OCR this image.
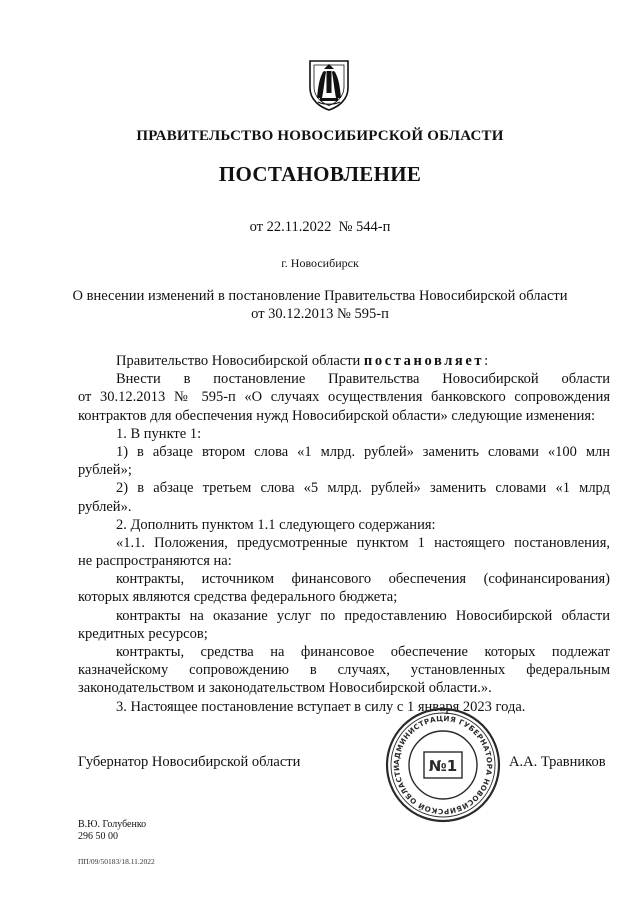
ПРАВИТЕЛЬСТВО НОВОСИБИРСКОЙ ОБЛАСТИ
ПОСТАНОВЛЕНИЕ
от 22.11.2022  № 544-п
г. Новосибирск
О внесении изменений в постановление Правительства Новосибирской области
от 30.12.2013 № 595-п
Правительство Новосибирской области постановляет:
Внести в постановление Правительства Новосибирской области
от 30.12.2013 № 595-п «О случаях осуществления банковского сопровождения
контрактов для обеспечения нужд Новосибирской области» следующие изменения:
1. В пункте 1:
1) в абзаце втором слова «1 млрд. рублей» заменить словами «100 млн
рублей»;
2) в абзаце третьем слова «5 млрд. рублей» заменить словами «1 млрд
рублей».
2. Дополнить пунктом 1.1 следующего содержания:
«1.1. Положения, предусмотренные пунктом 1 настоящего постановления,
не распространяются на:
контракты, источником финансового обеспечения (софинансирования)
которых являются средства федерального бюджета;
контракты на оказание услуг по предоставлению Новосибирской области
кредитных ресурсов;
контракты, средства на финансовое обеспечение которых подлежат
казначейскому сопровождению в случаях, установленных федеральным
законодательством и законодательством Новосибирской области.».
3. Настоящее постановление вступает в силу с 1 января 2023 года.
Губернатор Новосибирской области	АДМИНИСТРАЦИЯ ГУБЕРНАТОРА НОВОСИБИРСКОЙ ОБЛАСТИ	№1	А.А. Травников
В.Ю. Голубенко
296 50 00
ПП/09/50183/18.11.2022
